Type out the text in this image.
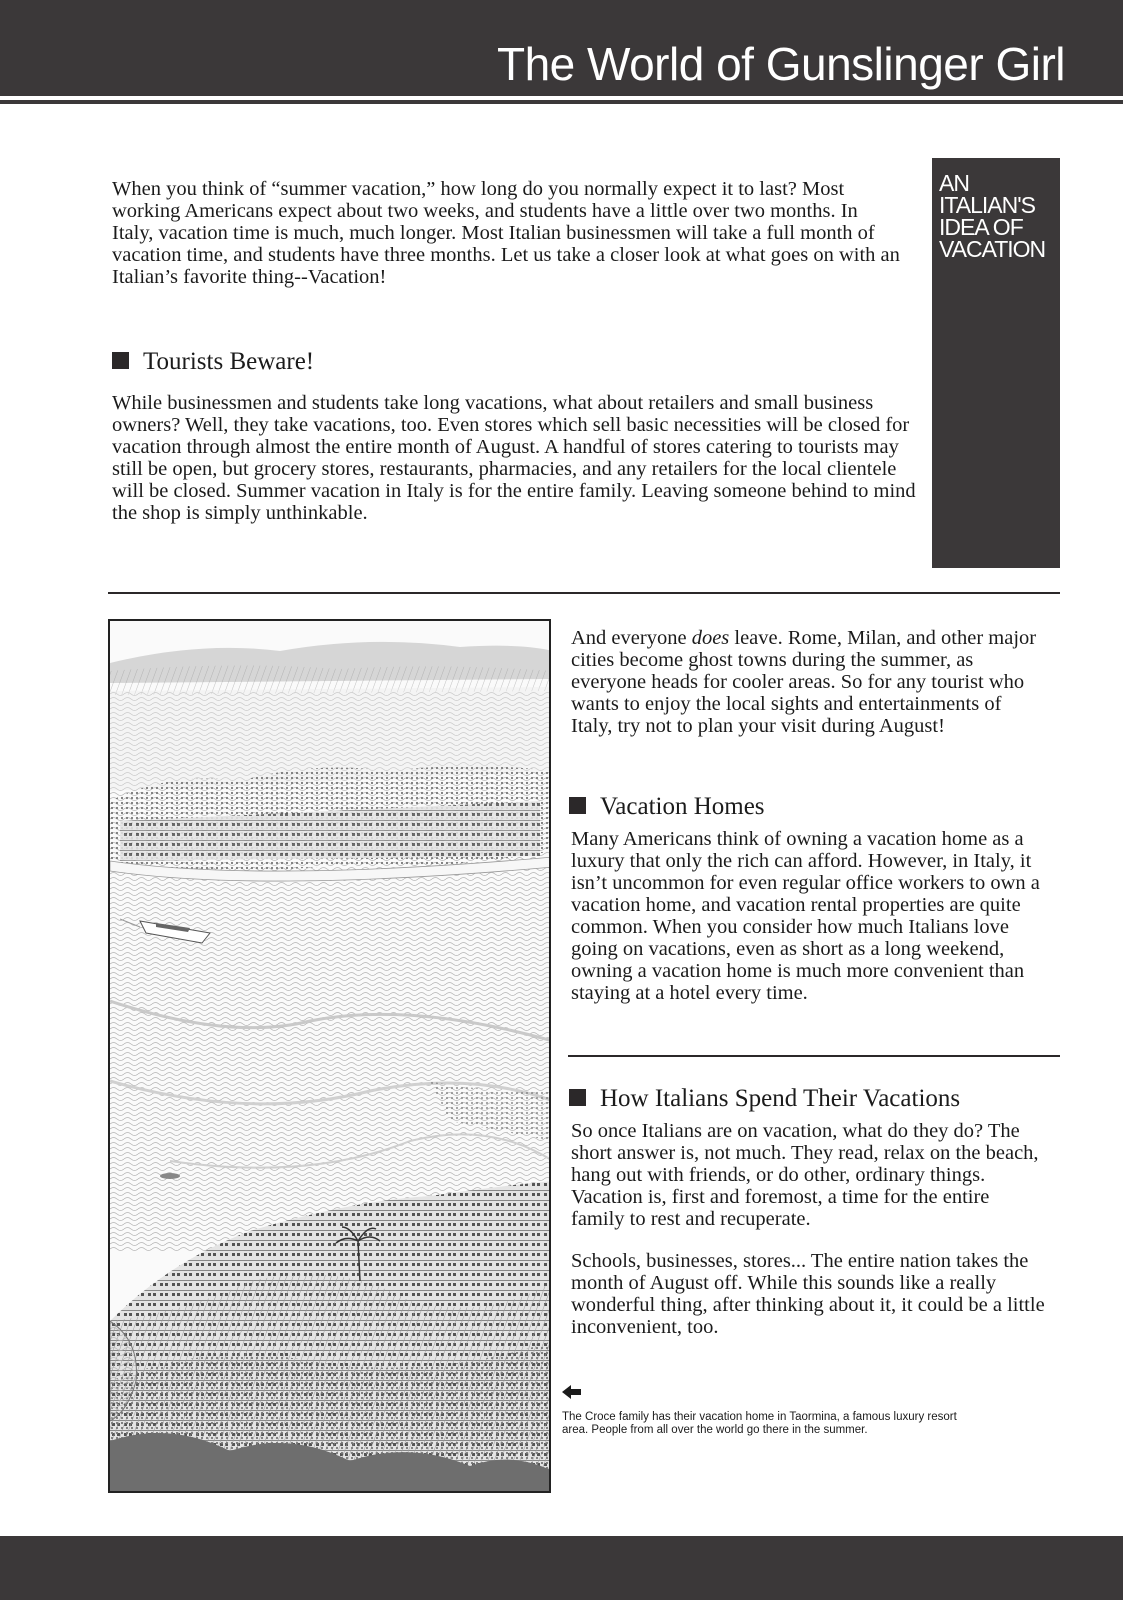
The World of Gunslinger Girl
AN
ITALIAN'S
IDEA OF
VACATION

When you think of “summer vacation,” how long do you normally expect it to last? Most working Americans expect about two weeks, and students have a little over two months. In Italy, vacation time is much, much longer. Most Italian businessmen will take a full month of vacation time, and students have three months. Let us take a closer look at what goes on with an Italian’s favorite thing--Vacation!

Tourists Beware!

While businessmen and students take long vacations, what about retailers and small business owners? Well, they take vacations, too. Even stores which sell basic necessities will be closed for vacation through almost the entire month of August. A handful of stores catering to tourists may still be open, but grocery stores, restaurants, pharmacies, and any retailers for the local clientele will be closed. Summer vacation in Italy is for the entire family. Leaving someone behind to mind the shop is simply unthinkable.

And everyone does leave. Rome, Milan, and other major cities become ghost towns during the summer, as everyone heads for cooler areas. So for any tourist who wants to enjoy the local sights and entertainments of Italy, try not to plan your visit during August!

Vacation Homes

Many Americans think of owning a vacation home as a luxury that only the rich can afford. However, in Italy, it isn’t uncommon for even regular office workers to own a vacation home, and vacation rental properties are quite common. When you consider how much Italians love going on vacations, even as short as a long weekend, owning a vacation home is much more convenient than staying at a hotel every time.

How Italians Spend Their Vacations

So once Italians are on vacation, what do they do? The short answer is, not much. They read, relax on the beach, hang out with friends, or do other, ordinary things. Vacation is, first and foremost, a time for the entire family to rest and recuperate.

Schools, businesses, stores... The entire nation takes the month of August off. While this sounds like a really wonderful thing, after thinking about it, it could be a little inconvenient, too.

The Croce family has their vacation home in Taormina, a famous luxury resort area. People from all over the world go there in the summer.
